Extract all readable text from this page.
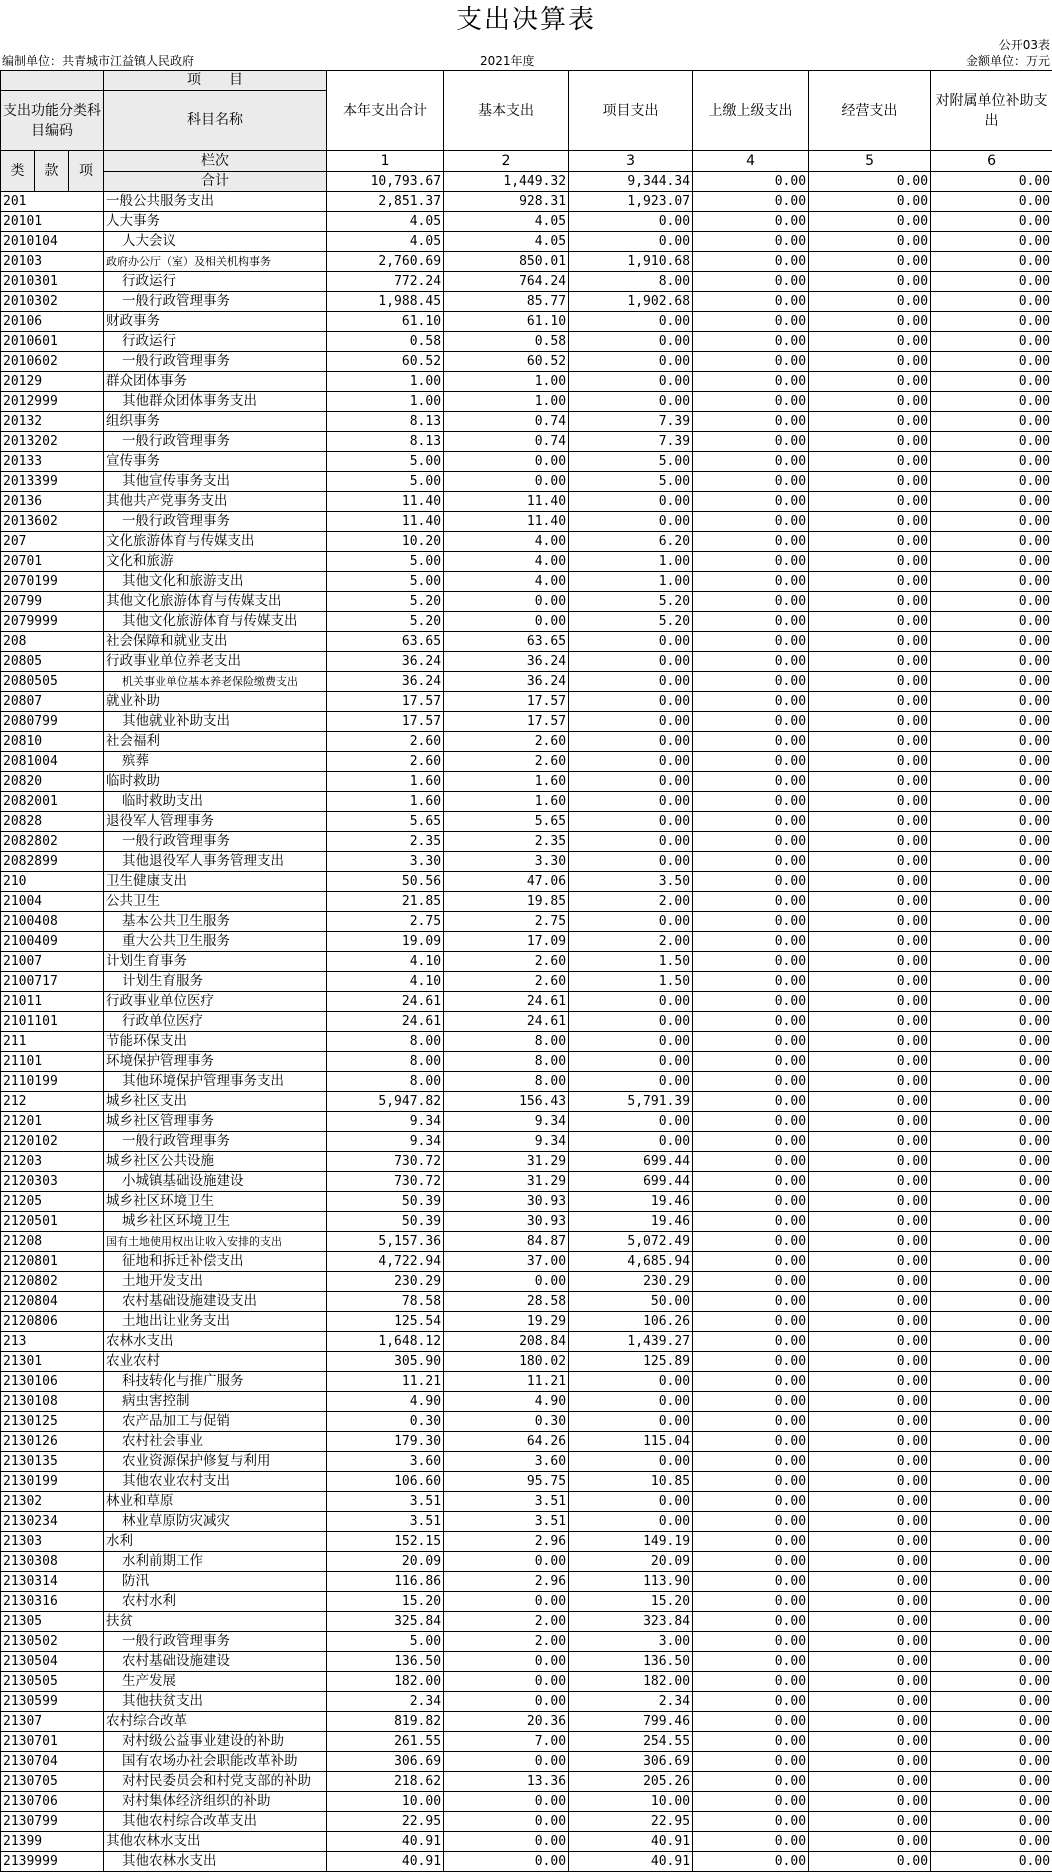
支出决算表
公开03表
编制单位：共青城市江益镇人民政府	2021年度	金额单位：万元
			项　　目	本年支出合计	基本支出	项目支出	上缴上级支出	经营支出	对附属单位补助支出
支出功能分类科目编码			科目名称						

类	款	项	栏次	1	2	3	4	5	6
			合计	10,793.67	1,449.32	9,344.34	0.00	0.00	0.00
201			一般公共服务支出	2,851.37	928.31	1,923.07	0.00	0.00	0.00
20101			人大事务	4.05	4.05	0.00	0.00	0.00	0.00
2010104			人大会议	4.05	4.05	0.00	0.00	0.00	0.00
20103			政府办公厅（室）及相关机构事务	2,760.69	850.01	1,910.68	0.00	0.00	0.00
2010301			行政运行	772.24	764.24	8.00	0.00	0.00	0.00
2010302			一般行政管理事务	1,988.45	85.77	1,902.68	0.00	0.00	0.00
20106			财政事务	61.10	61.10	0.00	0.00	0.00	0.00
2010601			行政运行	0.58	0.58	0.00	0.00	0.00	0.00
2010602			一般行政管理事务	60.52	60.52	0.00	0.00	0.00	0.00
20129			群众团体事务	1.00	1.00	0.00	0.00	0.00	0.00
2012999			其他群众团体事务支出	1.00	1.00	0.00	0.00	0.00	0.00
20132			组织事务	8.13	0.74	7.39	0.00	0.00	0.00
2013202			一般行政管理事务	8.13	0.74	7.39	0.00	0.00	0.00
20133			宣传事务	5.00	0.00	5.00	0.00	0.00	0.00
2013399			其他宣传事务支出	5.00	0.00	5.00	0.00	0.00	0.00
20136			其他共产党事务支出	11.40	11.40	0.00	0.00	0.00	0.00
2013602			一般行政管理事务	11.40	11.40	0.00	0.00	0.00	0.00
207			文化旅游体育与传媒支出	10.20	4.00	6.20	0.00	0.00	0.00
20701			文化和旅游	5.00	4.00	1.00	0.00	0.00	0.00
2070199			其他文化和旅游支出	5.00	4.00	1.00	0.00	0.00	0.00
20799			其他文化旅游体育与传媒支出	5.20	0.00	5.20	0.00	0.00	0.00
2079999			其他文化旅游体育与传媒支出	5.20	0.00	5.20	0.00	0.00	0.00
208			社会保障和就业支出	63.65	63.65	0.00	0.00	0.00	0.00
20805			行政事业单位养老支出	36.24	36.24	0.00	0.00	0.00	0.00
2080505			机关事业单位基本养老保险缴费支出	36.24	36.24	0.00	0.00	0.00	0.00
20807			就业补助	17.57	17.57	0.00	0.00	0.00	0.00
2080799			其他就业补助支出	17.57	17.57	0.00	0.00	0.00	0.00
20810			社会福利	2.60	2.60	0.00	0.00	0.00	0.00
2081004			殡葬	2.60	2.60	0.00	0.00	0.00	0.00
20820			临时救助	1.60	1.60	0.00	0.00	0.00	0.00
2082001			临时救助支出	1.60	1.60	0.00	0.00	0.00	0.00
20828			退役军人管理事务	5.65	5.65	0.00	0.00	0.00	0.00
2082802			一般行政管理事务	2.35	2.35	0.00	0.00	0.00	0.00
2082899			其他退役军人事务管理支出	3.30	3.30	0.00	0.00	0.00	0.00
210			卫生健康支出	50.56	47.06	3.50	0.00	0.00	0.00
21004			公共卫生	21.85	19.85	2.00	0.00	0.00	0.00
2100408			基本公共卫生服务	2.75	2.75	0.00	0.00	0.00	0.00
2100409			重大公共卫生服务	19.09	17.09	2.00	0.00	0.00	0.00
21007			计划生育事务	4.10	2.60	1.50	0.00	0.00	0.00
2100717			计划生育服务	4.10	2.60	1.50	0.00	0.00	0.00
21011			行政事业单位医疗	24.61	24.61	0.00	0.00	0.00	0.00
2101101			行政单位医疗	24.61	24.61	0.00	0.00	0.00	0.00
211			节能环保支出	8.00	8.00	0.00	0.00	0.00	0.00
21101			环境保护管理事务	8.00	8.00	0.00	0.00	0.00	0.00
2110199			其他环境保护管理事务支出	8.00	8.00	0.00	0.00	0.00	0.00
212			城乡社区支出	5,947.82	156.43	5,791.39	0.00	0.00	0.00
21201			城乡社区管理事务	9.34	9.34	0.00	0.00	0.00	0.00
2120102			一般行政管理事务	9.34	9.34	0.00	0.00	0.00	0.00
21203			城乡社区公共设施	730.72	31.29	699.44	0.00	0.00	0.00
2120303			小城镇基础设施建设	730.72	31.29	699.44	0.00	0.00	0.00
21205			城乡社区环境卫生	50.39	30.93	19.46	0.00	0.00	0.00
2120501			城乡社区环境卫生	50.39	30.93	19.46	0.00	0.00	0.00
21208			国有土地使用权出让收入安排的支出	5,157.36	84.87	5,072.49	0.00	0.00	0.00
2120801			征地和拆迁补偿支出	4,722.94	37.00	4,685.94	0.00	0.00	0.00
2120802			土地开发支出	230.29	0.00	230.29	0.00	0.00	0.00
2120804			农村基础设施建设支出	78.58	28.58	50.00	0.00	0.00	0.00
2120806			土地出让业务支出	125.54	19.29	106.26	0.00	0.00	0.00
213			农林水支出	1,648.12	208.84	1,439.27	0.00	0.00	0.00
21301			农业农村	305.90	180.02	125.89	0.00	0.00	0.00
2130106			科技转化与推广服务	11.21	11.21	0.00	0.00	0.00	0.00
2130108			病虫害控制	4.90	4.90	0.00	0.00	0.00	0.00
2130125			农产品加工与促销	0.30	0.30	0.00	0.00	0.00	0.00
2130126			农村社会事业	179.30	64.26	115.04	0.00	0.00	0.00
2130135			农业资源保护修复与利用	3.60	3.60	0.00	0.00	0.00	0.00
2130199			其他农业农村支出	106.60	95.75	10.85	0.00	0.00	0.00
21302			林业和草原	3.51	3.51	0.00	0.00	0.00	0.00
2130234			林业草原防灾减灾	3.51	3.51	0.00	0.00	0.00	0.00
21303			水利	152.15	2.96	149.19	0.00	0.00	0.00
2130308			水利前期工作	20.09	0.00	20.09	0.00	0.00	0.00
2130314			防汛	116.86	2.96	113.90	0.00	0.00	0.00
2130316			农村水利	15.20	0.00	15.20	0.00	0.00	0.00
21305			扶贫	325.84	2.00	323.84	0.00	0.00	0.00
2130502			一般行政管理事务	5.00	2.00	3.00	0.00	0.00	0.00
2130504			农村基础设施建设	136.50	0.00	136.50	0.00	0.00	0.00
2130505			生产发展	182.00	0.00	182.00	0.00	0.00	0.00
2130599			其他扶贫支出	2.34	0.00	2.34	0.00	0.00	0.00
21307			农村综合改革	819.82	20.36	799.46	0.00	0.00	0.00
2130701			对村级公益事业建设的补助	261.55	7.00	254.55	0.00	0.00	0.00
2130704			国有农场办社会职能改革补助	306.69	0.00	306.69	0.00	0.00	0.00
2130705			对村民委员会和村党支部的补助	218.62	13.36	205.26	0.00	0.00	0.00
2130706			对村集体经济组织的补助	10.00	0.00	10.00	0.00	0.00	0.00
2130799			其他农村综合改革支出	22.95	0.00	22.95	0.00	0.00	0.00
21399			其他农林水支出	40.91	0.00	40.91	0.00	0.00	0.00
2139999			其他农林水支出	40.91	0.00	40.91	0.00	0.00	0.00
